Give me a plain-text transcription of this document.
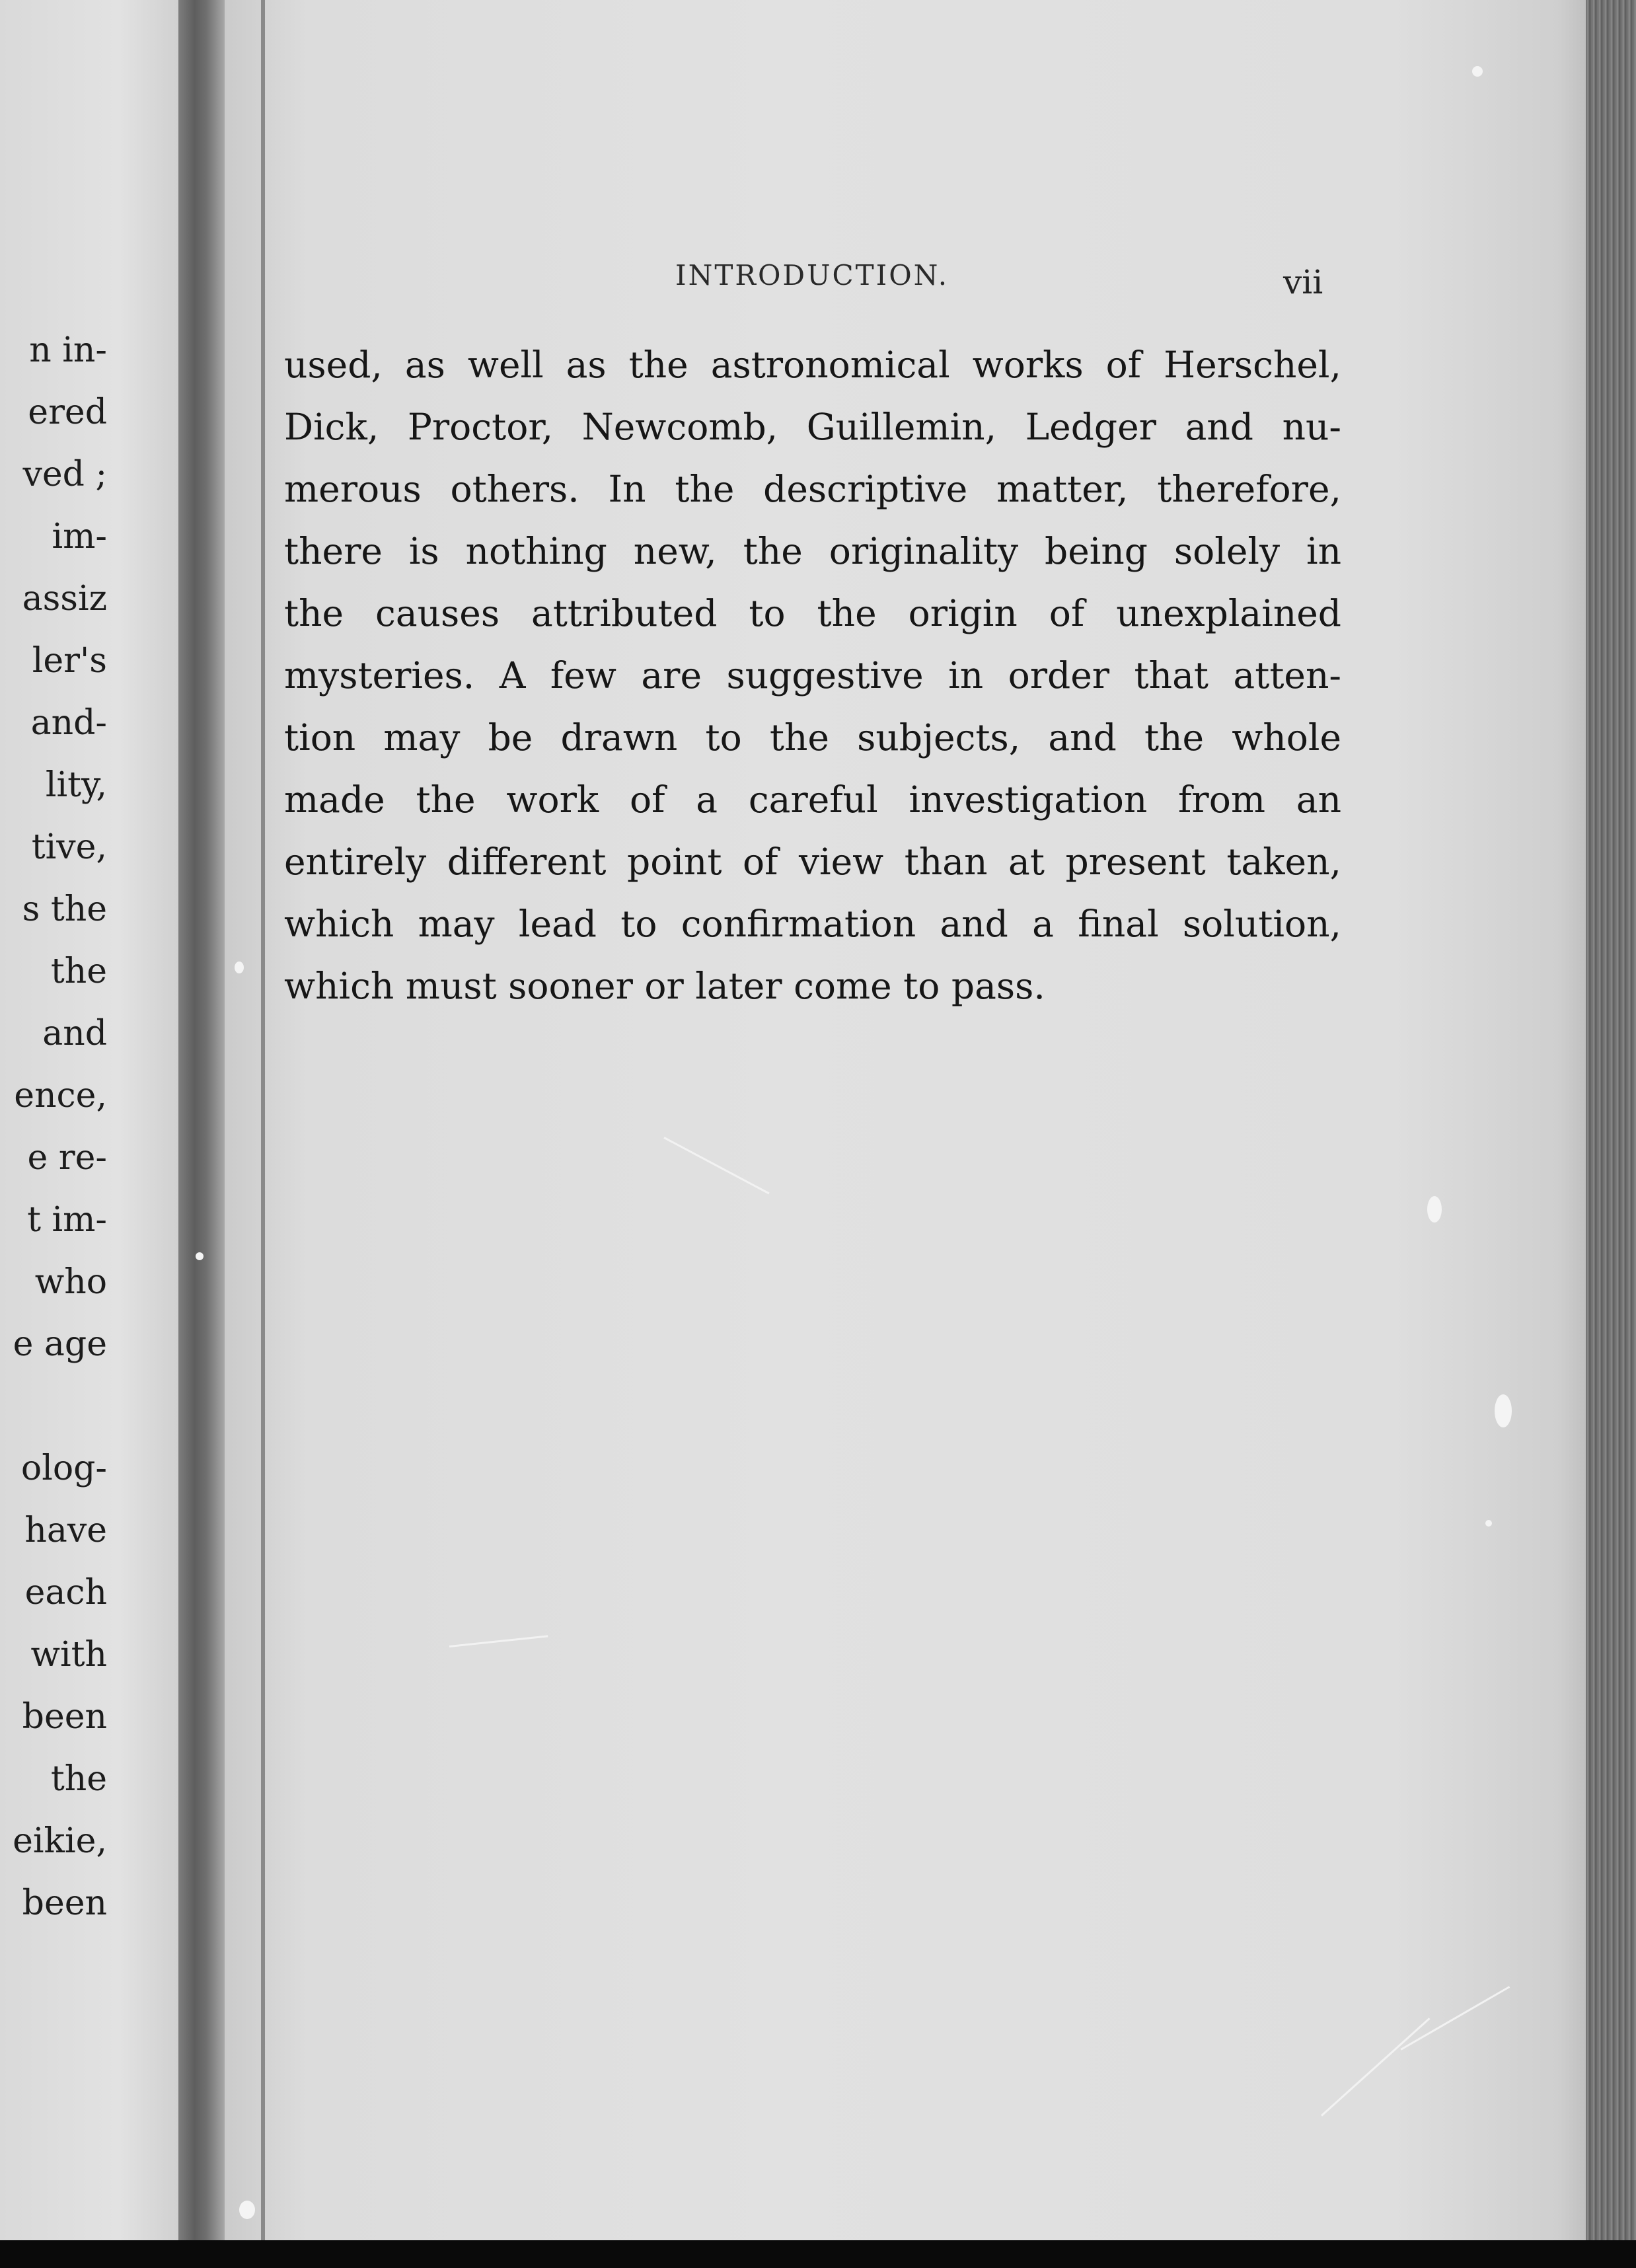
n in-
ered
ved ;
im-
assiz
ler's
and-
lity,
tive,
s the
the
and
ence,
e re-
t im-
who
e age
olog-
have
each
with
been
the
eikie,
been
INTRODUCTION.	vii
used, as well as the astronomical works of Herschel,
Dick, Proctor, Newcomb, Guillemin, Ledger and nu-
merous others. In the descriptive matter, therefore,
there is nothing new, the originality being solely in
the causes attributed to the origin of unexplained
mysteries. A few are suggestive in order that atten-
tion may be drawn to the subjects, and the whole
made the work of a careful investigation from an
entirely different point of view than at present taken,
which may lead to confirmation and a final solution,
which must sooner or later come to pass.
